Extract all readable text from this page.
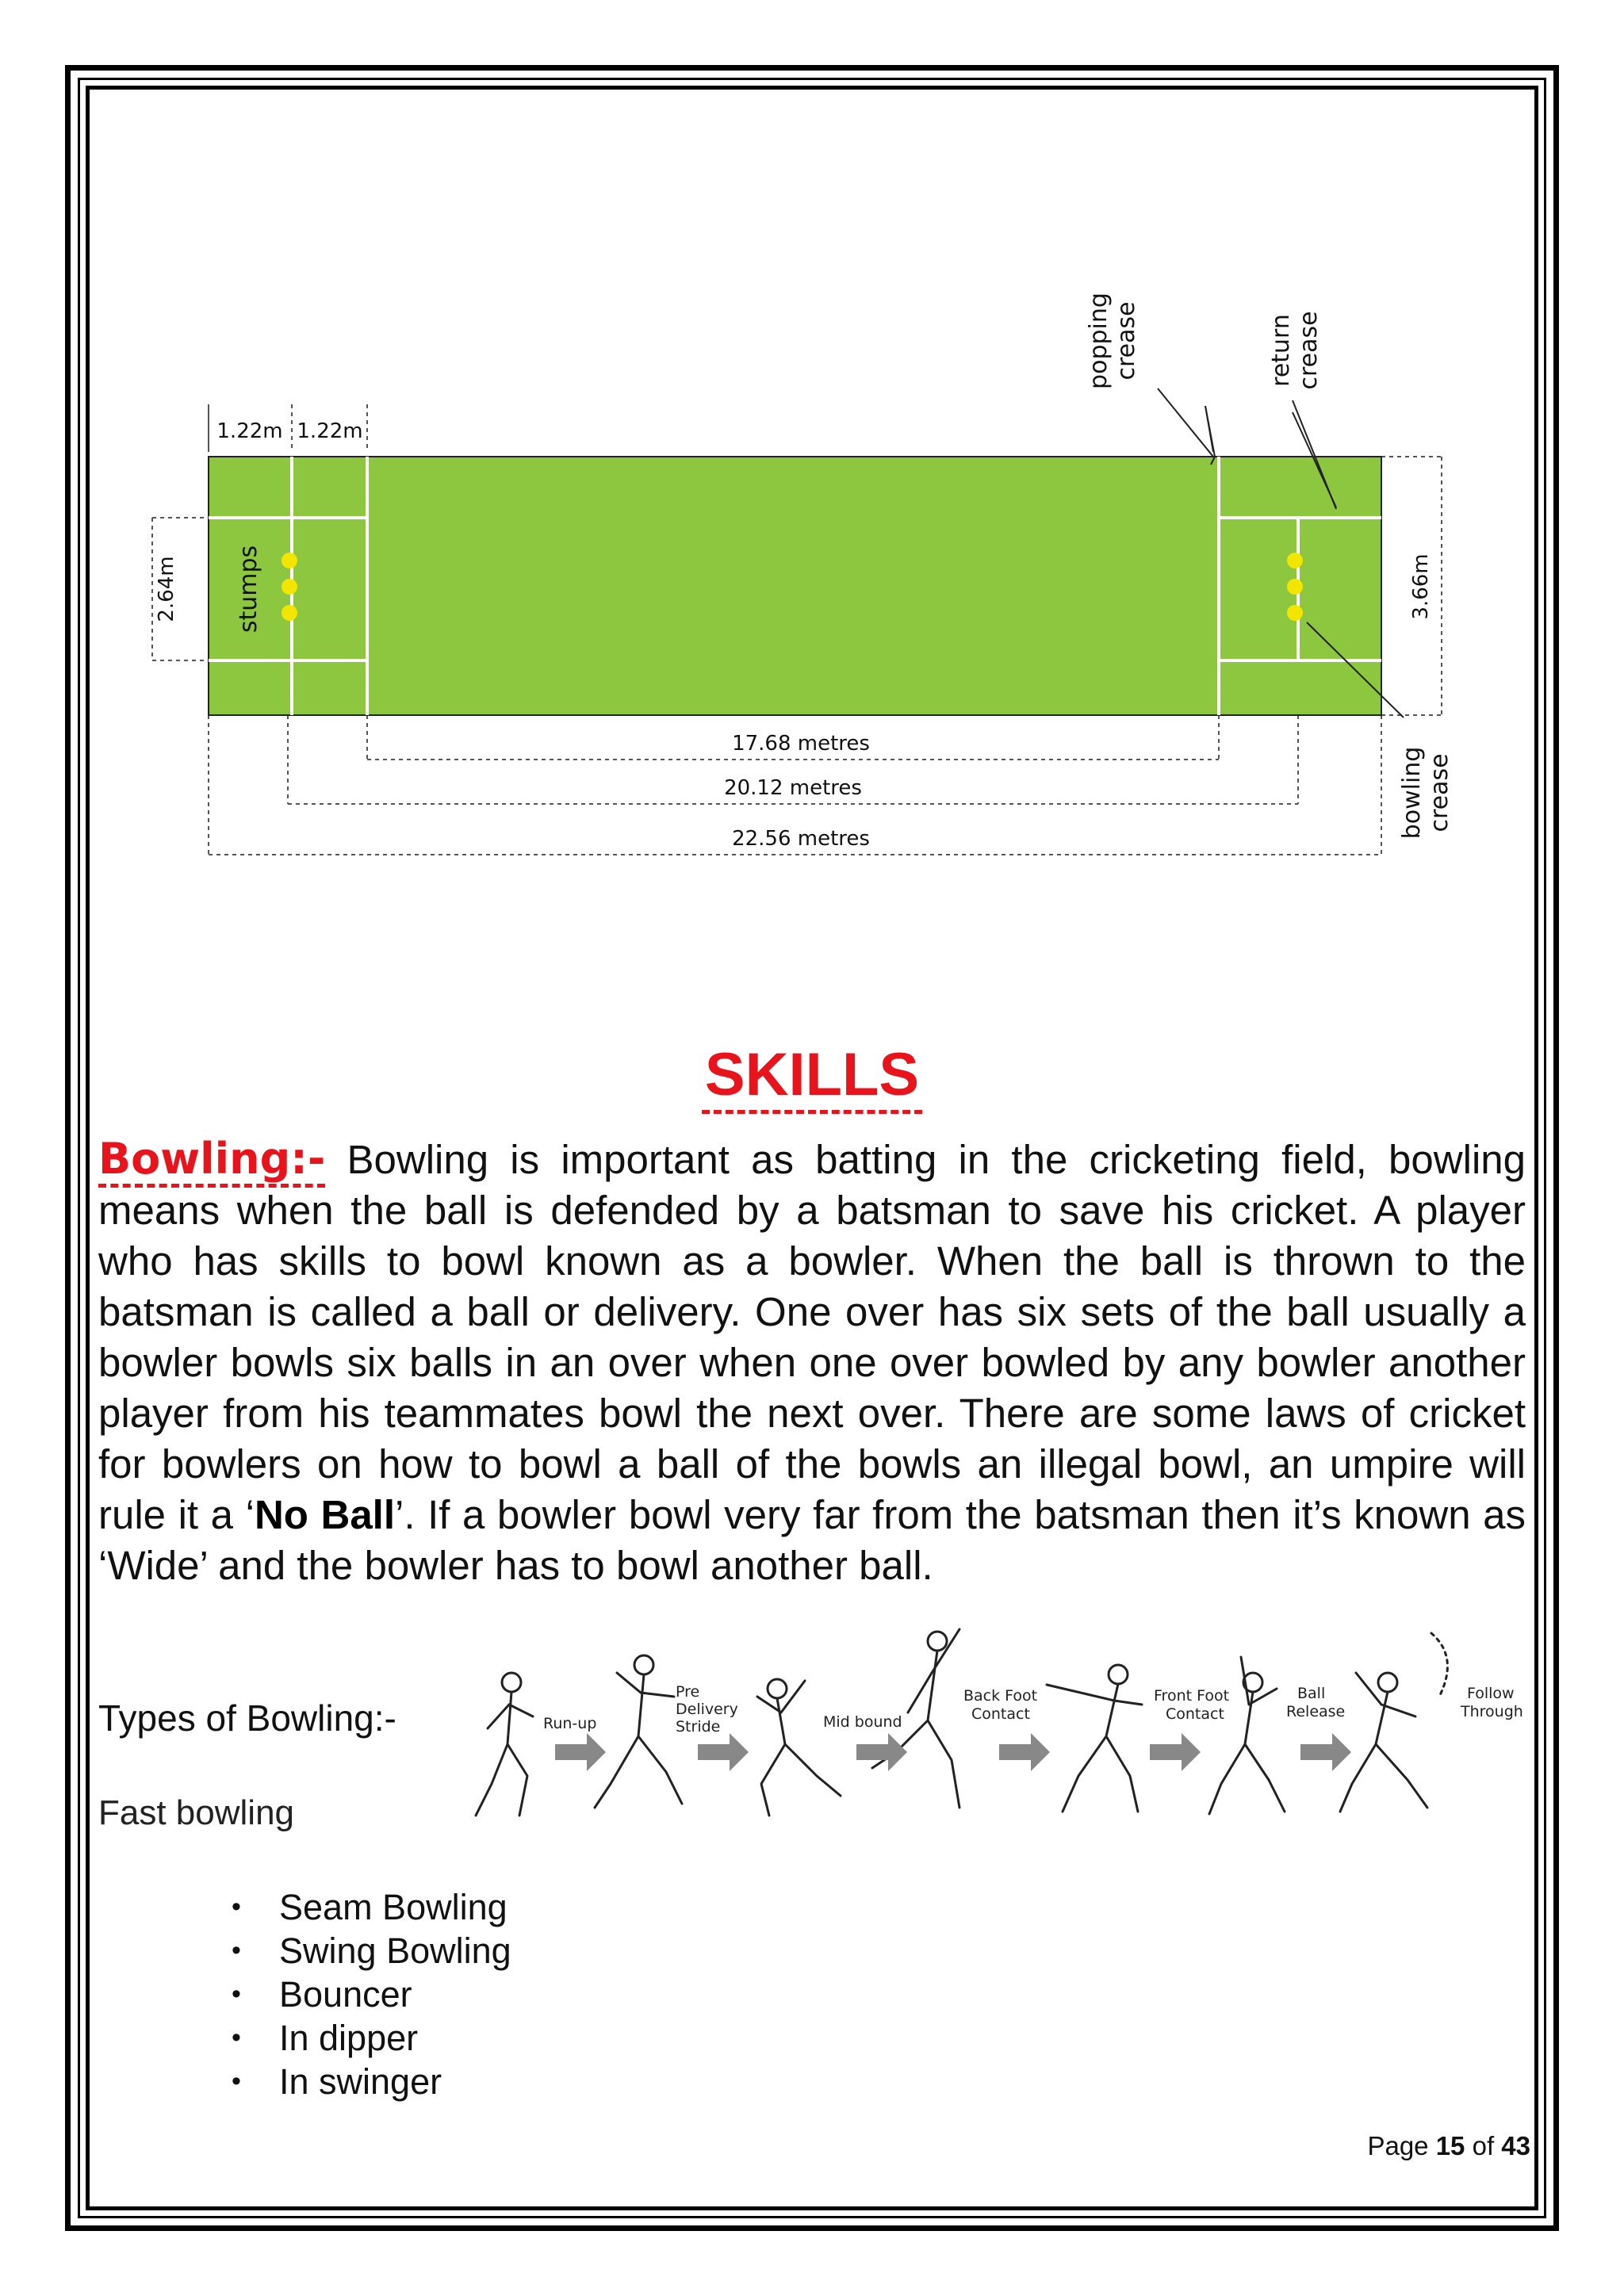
1.22m 1.22m
stumps
2.64m	3.66m
popping crease	return crease
bowling crease
17.68 metres
20.12 metres
22.56 metres
SKILLS

Bowling:- Bowling is important as batting in the cricketing field, bowling means when the ball is defended by a batsman to save his cricket. A player who has skills to bowl known as a bowler. When the ball is thrown to the batsman is called a ball or delivery. One over has six sets of the ball usually a bowler bowls six balls in an over when one over bowled by any bowler another player from his teammates bowl the next over. There are some laws of cricket for bowlers on how to bowl a ball of the bowls an illegal bowl, an umpire will rule it a ‘No Ball’. If a bowler bowl very far from the batsman then it’s known as ‘Wide’ and the bowler has to bowl another ball.

Types of Bowling:-
Fast bowling
Run-up
Pre
Delivery
Stride	Mid bound
Back Foot
Contact
Front Foot
Contact
Ball
Release
Follow
Through
• Seam Bowling
• Swing Bowling
• Bouncer
• In dipper
• In swinger
Page 15 of 43
